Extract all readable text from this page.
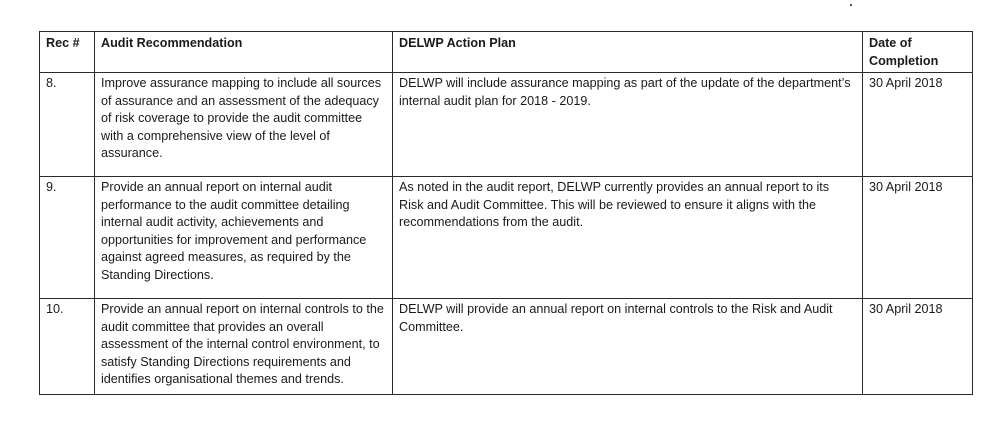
Rec #	Audit Recommendation	DELWP Action Plan	Date of Completion
8.	Improve assurance mapping to include all sources of assurance and an assessment of the adequacy of risk coverage to provide the audit committee with a comprehensive view of the level of assurance.	DELWP will include assurance mapping as part of the update of the department’s internal audit plan for 2018 - 2019.	30 April 2018
9.	Provide an annual report on internal audit performance to the audit committee detailing internal audit activity, achievements and opportunities for improvement and performance against agreed measures, as required by the Standing Directions.	As noted in the audit report, DELWP currently provides an annual report to its Risk and Audit Committee. This will be reviewed to ensure it aligns with the recommendations from the audit.	30 April 2018
10.	Provide an annual report on internal controls to the audit committee that provides an overall assessment of the internal control environment, to satisfy Standing Directions requirements and identifies organisational themes and trends.	DELWP will provide an annual report on internal controls to the Risk and Audit Committee.	30 April 2018
